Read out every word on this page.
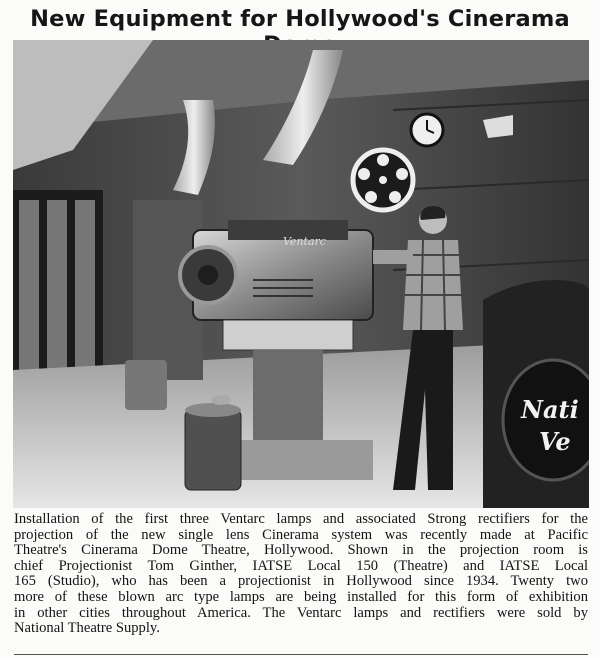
New Equipment for Hollywood's Cinerama
Ventarc
Nati
Ve
Installation of the first three Ventarc lamps and associated Strong rectifiers for the
projection of the new single lens Cinerama system was recently made at Pacific
Theatre's Cinerama Dome Theatre, Hollywood. Shown in the projection room is
chief Projectionist Tom Ginther, IATSE Local 150 (Theatre) and IATSE Local
165 (Studio), who has been a projectionist in Hollywood since 1934. Twenty two
more of these blown arc type lamps are being installed for this form of exhibition
in other cities throughout America. The Ventarc lamps and rectifiers were sold by
National Theatre Supply.
